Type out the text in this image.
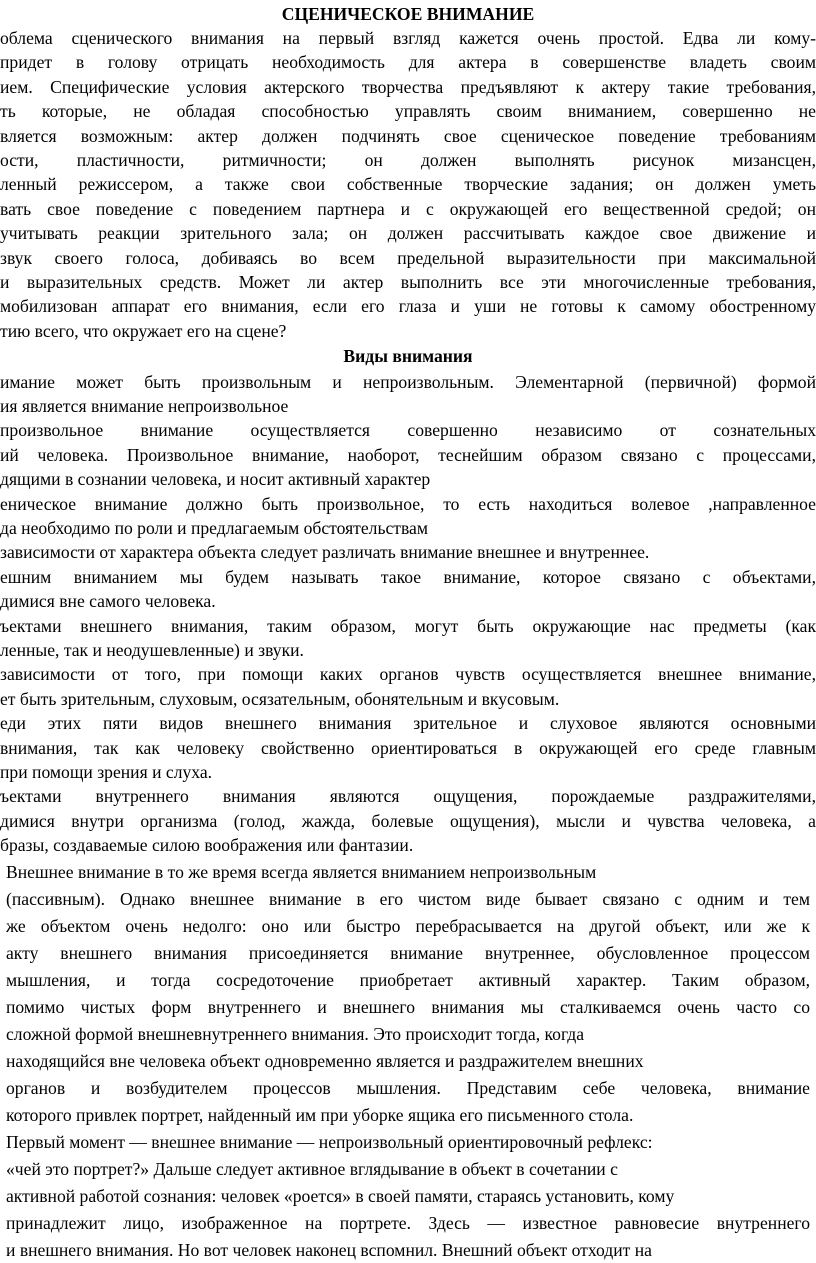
СЦЕНИЧЕСКОЕ ВНИМАНИЕ
облема сценического внимания на первый взгляд кажется очень простой. Едва ли кому-
придет в голову отрицать необходимость для актера в совершенстве владеть своим
ием. Специфические условия актерского творчества предъявляют к актеру такие требования,
ть которые, не обладая способностью управлять своим вниманием, совершенно не
вляется возможным: актер должен подчинять свое сценическое поведение требованиям
ости, пластичности, ритмичности; он должен выполнять рисунок мизансцен,
ленный режиссером, а также свои собственные творческие задания; он должен уметь
вать свое поведение с поведением партнера и с окружающей его вещественной средой; он
учитывать реакции зрительного зала; он должен рассчитывать каждое свое движение и
звук своего голоса, добиваясь во всем предельной выразительности при максимальной
и выразительных средств. Может ли актер выполнить все эти многочисленные требования,
мобилизован аппарат его внимания, если его глаза и уши не готовы к самому обостренному
тию всего, что окружает его на сцене?
Виды внимания
имание может быть произвольным и непроизвольным. Элементарной (первичной) формой
ия является внимание непроизвольное
произвольное внимание осуществляется совершенно независимо от сознательных
ий человека. Произвольное внимание, наоборот, теснейшим образом связано с процессами,
дящими в сознании человека, и носит активный характер
еническое внимание должно быть произвольное, то есть находиться волевое ,направленное
да необходимо по роли и предлагаемым обстоятельствам
зависимости от характера объекта следует различать внимание внешнее и внутреннее.
ешним вниманием мы будем называть такое внимание, которое связано с объектами,
димися вне самого человека.
ъектами внешнего внимания, таким образом, могут быть окружающие нас предметы (как
ленные, так и неодушевленные) и звуки.
зависимости от того, при помощи каких органов чувств осуществляется внешнее внимание,
ет быть зрительным, слуховым, осязательным, обонятельным и вкусовым.
еди этих пяти видов внешнего внимания зрительное и слуховое являются основными
внимания, так как человеку свойственно ориентироваться в окружающей его среде главным
при помощи зрения и слуха.
ъектами внутреннего внимания являются ощущения, порождаемые раздражителями,
димися внутри организма (голод, жажда, болевые ощущения), мысли и чувства человека, а
бразы, создаваемые силою воображения или фантазии.
Внешнее внимание в то же время всегда является вниманием непроизвольным
(пассивным). Однако внешнее внимание в его чистом виде бывает связано с одним и тем
же объектом очень недолго: оно или быстро перебрасывается на другой объект, или же к
акту внешнего внимания присоединяется внимание внутреннее, обусловленное процессом
мышления, и тогда сосредоточение приобретает активный характер. Таким образом,
помимо чистых форм внутреннего и внешнего внимания мы сталкиваемся очень часто со
сложной формой внешневнутреннего внимания. Это происходит тогда, когда
находящийся вне человека объект одновременно является и раздражителем внешних
органов и возбудителем процессов мышления. Представим себе человека, внимание
которого привлек портрет, найденный им при уборке ящика его письменного стола.
Первый момент — внешнее внимание — непроизвольный ориентировочный рефлекс:
«чей это портрет?» Дальше следует активное вглядывание в объект в сочетании с
активной работой сознания: человек «роется» в своей памяти, стараясь установить, кому
принадлежит лицо, изображенное на портрете. Здесь — известное равновесие внутреннего
и внешнего внимания. Но вот человек наконец вспомнил. Внешний объект отходит на
